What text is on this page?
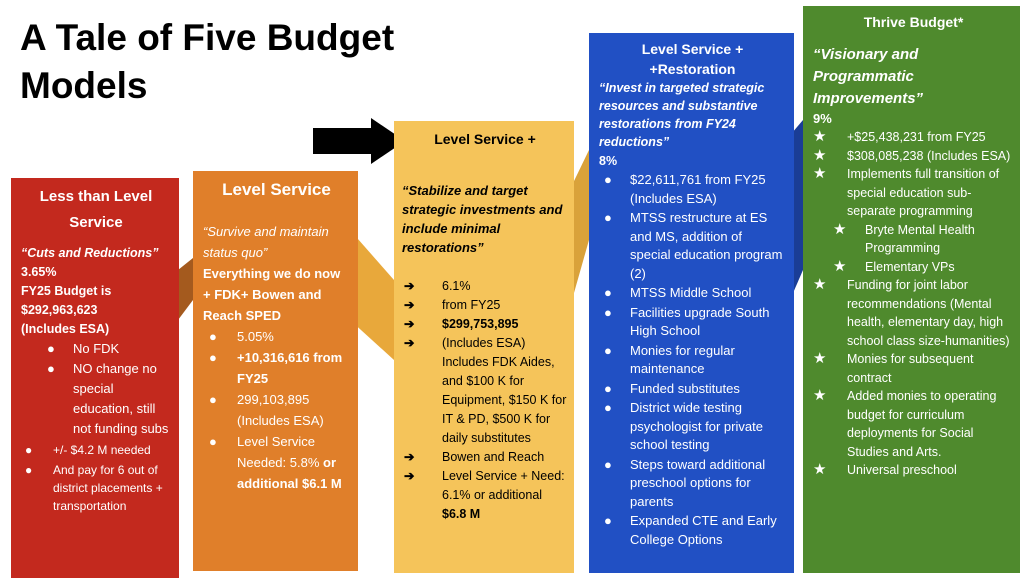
A Tale of Five Budget Models
Less than Level Service
“Cuts and Reductions”
3.65%
FY25 Budget is
$292,963,623
(Includes ESA)
● No FDK
● NO change no special education, still not funding subs
● +/- $4.2 M needed
● And pay for 6 out of district placements + transportation
Level Service
“Survive and maintain status quo”
Everything we do now + FDK+ Bowen and Reach SPED
● 5.05%
● +10,316,616 from FY25
● 299,103,895 (Includes ESA)
● Level Service Needed: 5.8% or additional $6.1 M
Level Service +
“Stabilize and target strategic investments and include minimal restorations”
➔ 6.1%
➔ from FY25
➔ $299,753,895
➔ (Includes ESA) Includes FDK Aides, and $100 K for Equipment, $150 K for IT & PD, $500 K for daily substitutes
➔ Bowen and Reach
➔ Level Service + Need: 6.1% or additional $6.8 M
Level Service + +Restoration
“Invest in targeted strategic resources and substantive restorations from FY24 reductions”
8%
● $22,611,761 from FY25 (Includes ESA)
● MTSS restructure at ES and MS, addition of special education program (2)
● MTSS Middle School
● Facilities upgrade South High School
● Monies for regular maintenance
● Funded substitutes
● District wide testing psychologist for private school testing
● Steps toward additional preschool options for parents
● Expanded CTE and Early College Options
Thrive Budget*
“Visionary and Programmatic Improvements”
9%
★ +$25,438,231 from FY25
★ $308,085,238 (Includes ESA)
★ Implements full transition of special education sub-separate programming
★ Bryte Mental Health Programming
★ Elementary VPs
★ Funding for joint labor recommendations (Mental health, elementary day, high school class size-humanities)
★ Monies for subsequent contract
★ Added monies to operating budget for curriculum deployments for Social Studies and Arts.
★ Universal preschool
